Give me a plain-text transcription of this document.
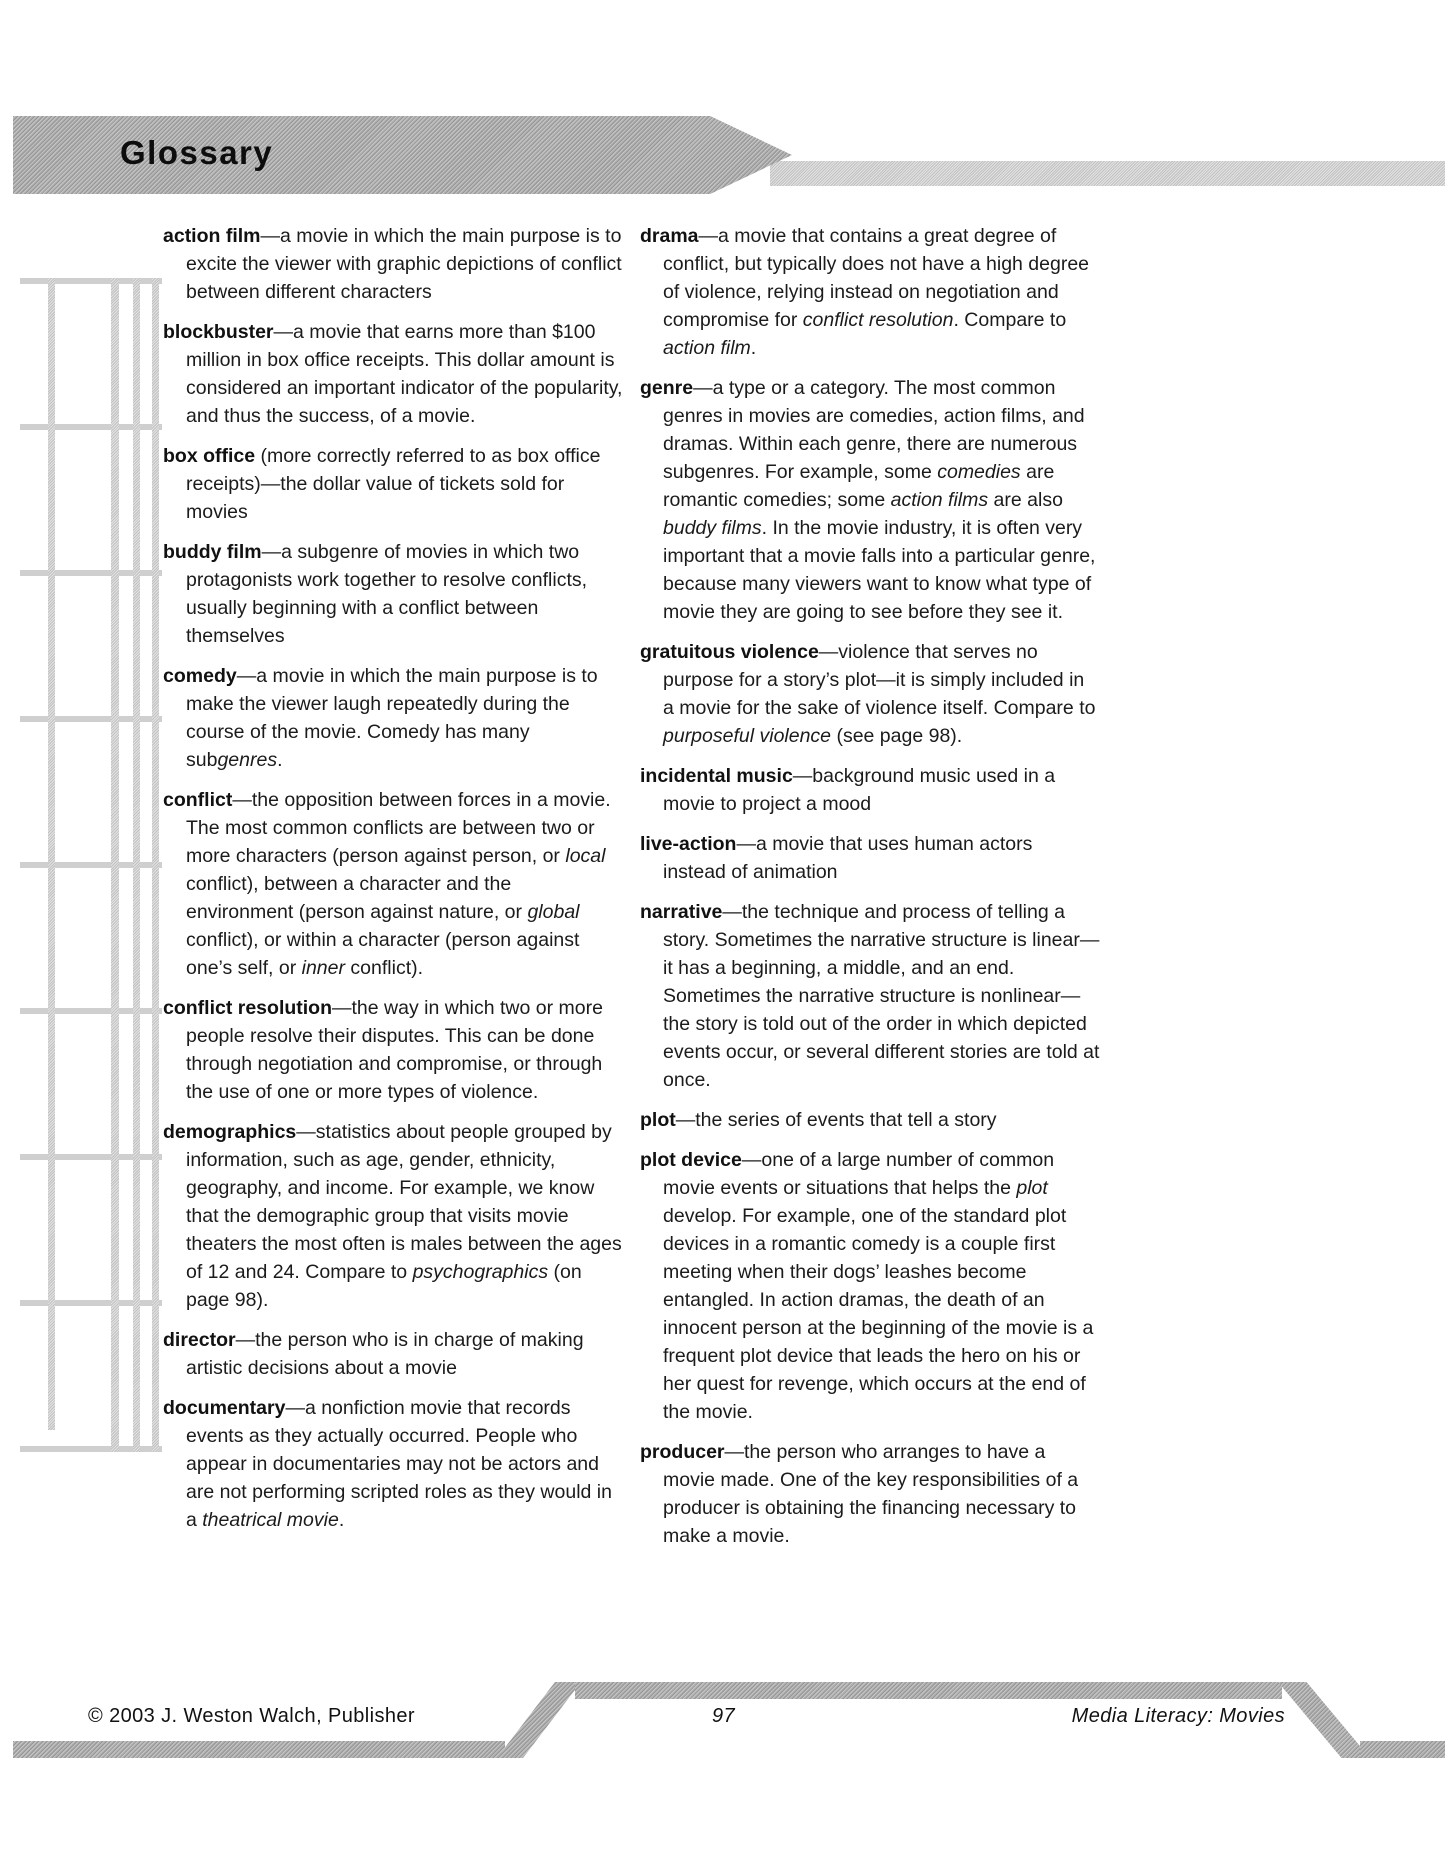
Glossary

action film—a movie in which the main purpose is to excite the viewer with graphic depictions of conflict between different characters

blockbuster—a movie that earns more than $100 million in box office receipts. This dollar amount is considered an important indicator of the popularity, and thus the success, of a movie.

box office (more correctly referred to as box office receipts)—the dollar value of tickets sold for movies

buddy film—a subgenre of movies in which two protagonists work together to resolve conflicts, usually beginning with a conflict between themselves

comedy—a movie in which the main purpose is to make the viewer laugh repeatedly during the course of the movie. Comedy has many subgenres.

conflict—the opposition between forces in a movie. The most common conflicts are between two or more characters (person against person, or local conflict), between a character and the environment (person against nature, or global conflict), or within a character (person against one’s self, or inner conflict).

conflict resolution—the way in which two or more people resolve their disputes. This can be done through negotiation and compromise, or through the use of one or more types of violence.

demographics—statistics about people grouped by information, such as age, gender, ethnicity, geography, and income. For example, we know that the demographic group that visits movie theaters the most often is males between the ages of 12 and 24. Compare to psychographics (on page 98).

director—the person who is in charge of making artistic decisions about a movie

documentary—a nonfiction movie that records events as they actually occurred. People who appear in documentaries may not be actors and are not performing scripted roles as they would in a theatrical movie.

drama—a movie that contains a great degree of conflict, but typically does not have a high degree of violence, relying instead on negotiation and compromise for conflict resolution. Compare to action film.

genre—a type or a category. The most common genres in movies are comedies, action films, and dramas. Within each genre, there are numerous subgenres. For example, some comedies are romantic comedies; some action films are also buddy films. In the movie industry, it is often very important that a movie falls into a particular genre, because many viewers want to know what type of movie they are going to see before they see it.

gratuitous violence—violence that serves no purpose for a story’s plot—it is simply included in a movie for the sake of violence itself. Compare to purposeful violence (see page 98).

incidental music—background music used in a movie to project a mood

live-action—a movie that uses human actors instead of animation

narrative—the technique and process of telling a story. Sometimes the narrative structure is linear—it has a beginning, a middle, and an end. Sometimes the narrative structure is nonlinear—the story is told out of the order in which depicted events occur, or several different stories are told at once.

plot—the series of events that tell a story

plot device—one of a large number of common movie events or situations that helps the plot develop. For example, one of the standard plot devices in a romantic comedy is a couple first meeting when their dogs’ leashes become entangled. In action dramas, the death of an innocent person at the beginning of the movie is a frequent plot device that leads the hero on his or her quest for revenge, which occurs at the end of the movie.

producer—the person who arranges to have a movie made. One of the key responsibilities of a producer is obtaining the financing necessary to make a movie.

© 2003 J. Weston Walch, Publisher	97	Media Literacy: Movies
